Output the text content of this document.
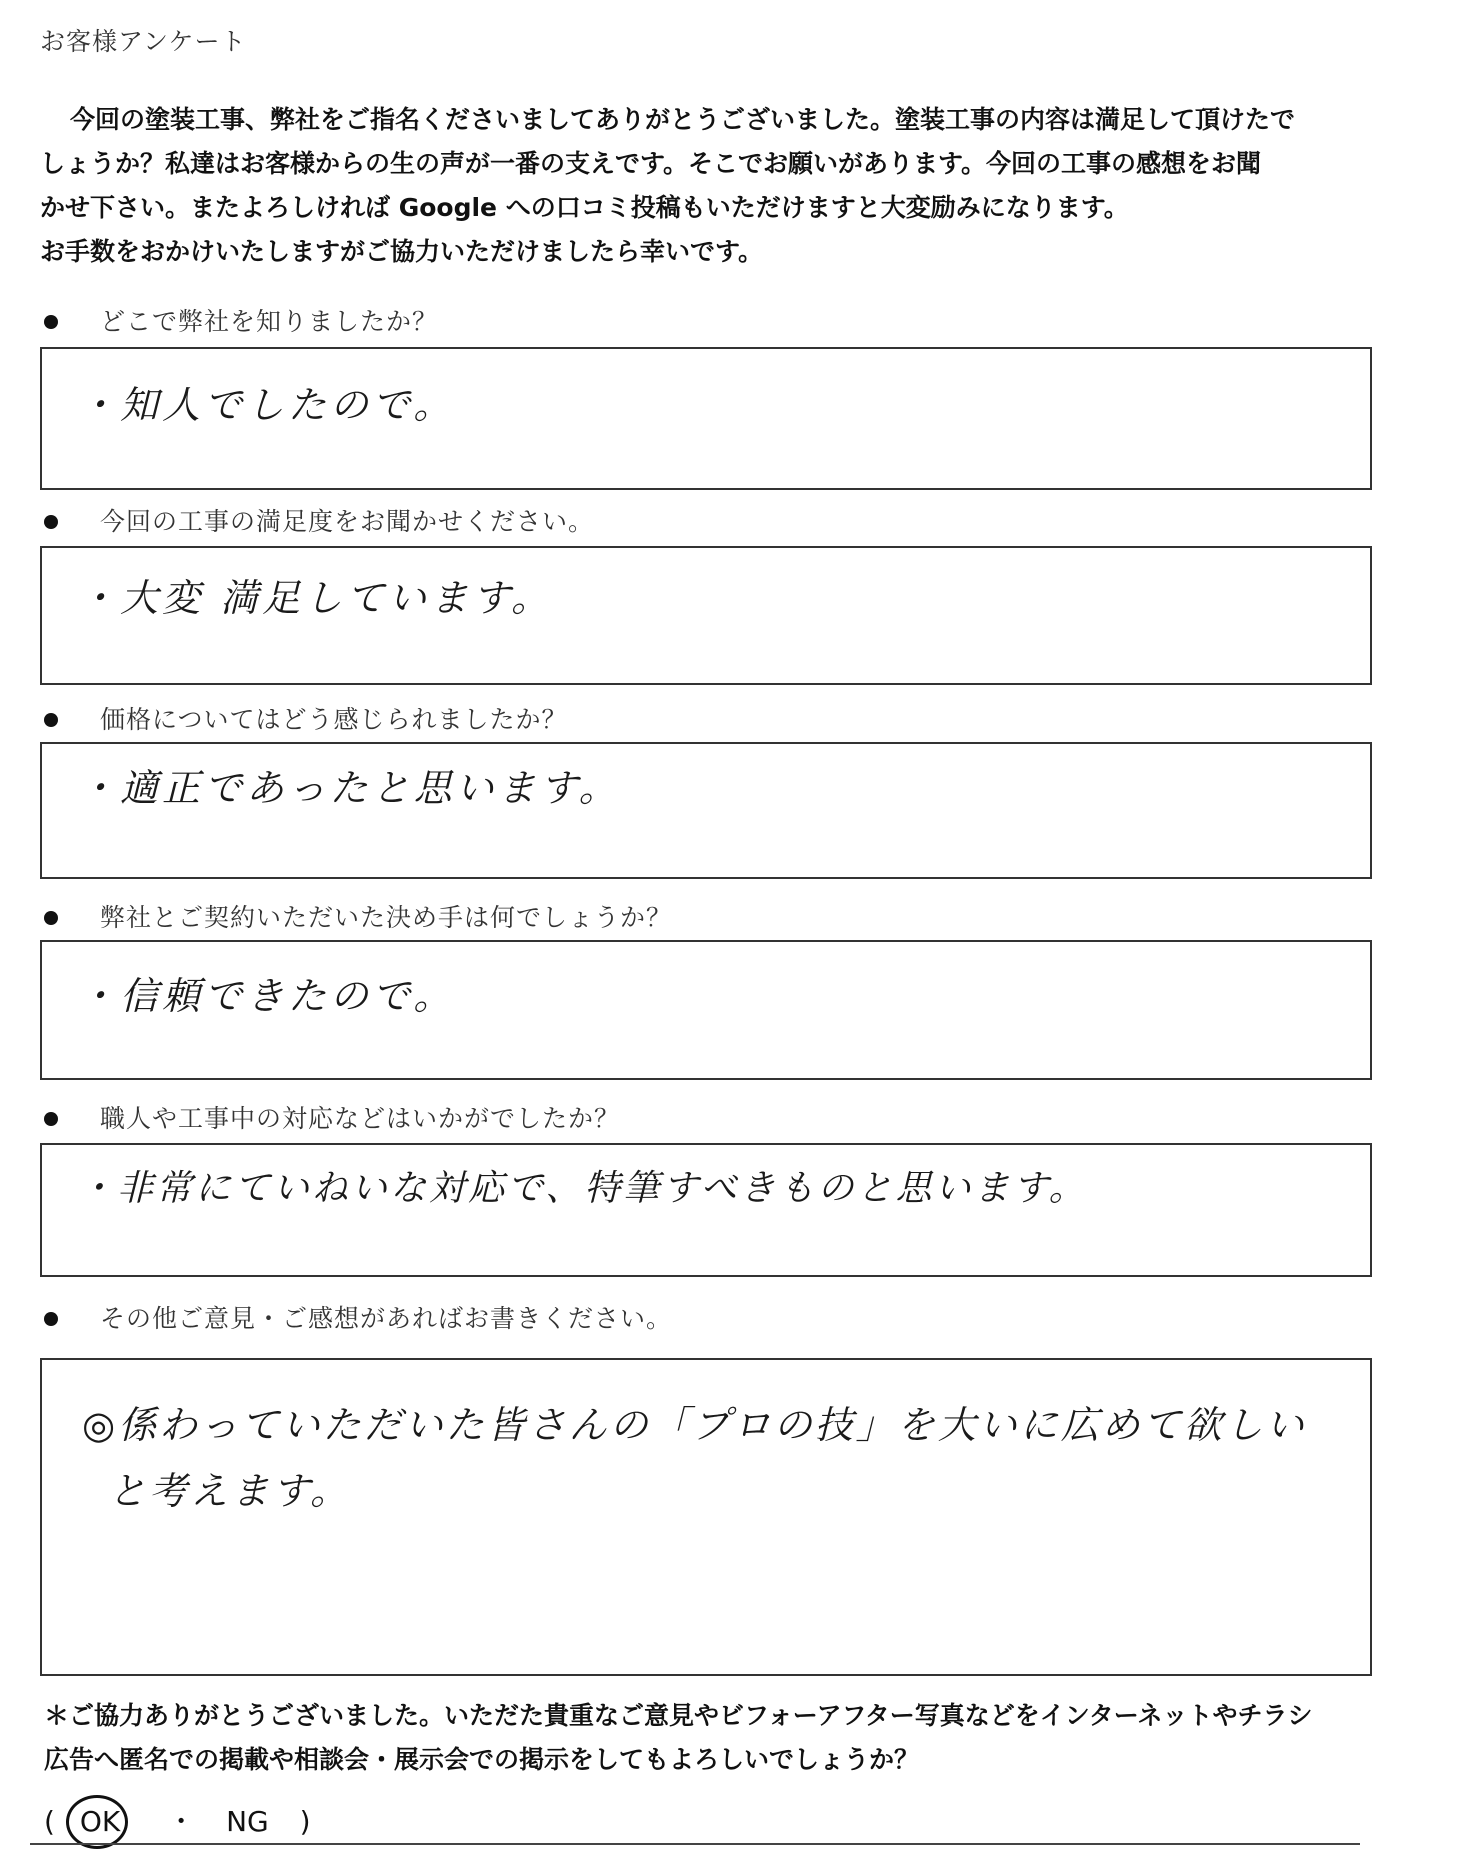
お客様アンケート

今回の塗装工事、弊社をご指名くださいましてありがとうございました。塗装工事の内容は満足して頂けたで

しょうか？私達はお客様からの生の声が一番の支えです。そこでお願いがあります。今回の工事の感想をお聞

かせ下さい。またよろしければ Google への口コミ投稿もいただけますと大変励みになります。

お手数をおかけいたしますがご協力いただけましたら幸いです。

どこで弊社を知りましたか？
・知人でしたので。
今回の工事の満足度をお聞かせください。
・大変 満足しています。
価格についてはどう感じられましたか？
・適正であったと思います。
弊社とご契約いただいた決め手は何でしょうか？
・信頼できたので。
職人や工事中の対応などはいかがでしたか？
・非常にていねいな対応で、特筆すべきものと思います。
その他ご意見・ご感想があればお書きください。
◎係わっていただいた皆さんの「プロの技」を大いに広めて欲しい
と考えます。

＊ご協力ありがとうございました。いただた貴重なご意見やビフォーアフター写真などをインターネットやチラシ

広告へ匿名での掲載や相談会・展示会での掲示をしてもよろしいでしょうか？

( OK ・ NG )
